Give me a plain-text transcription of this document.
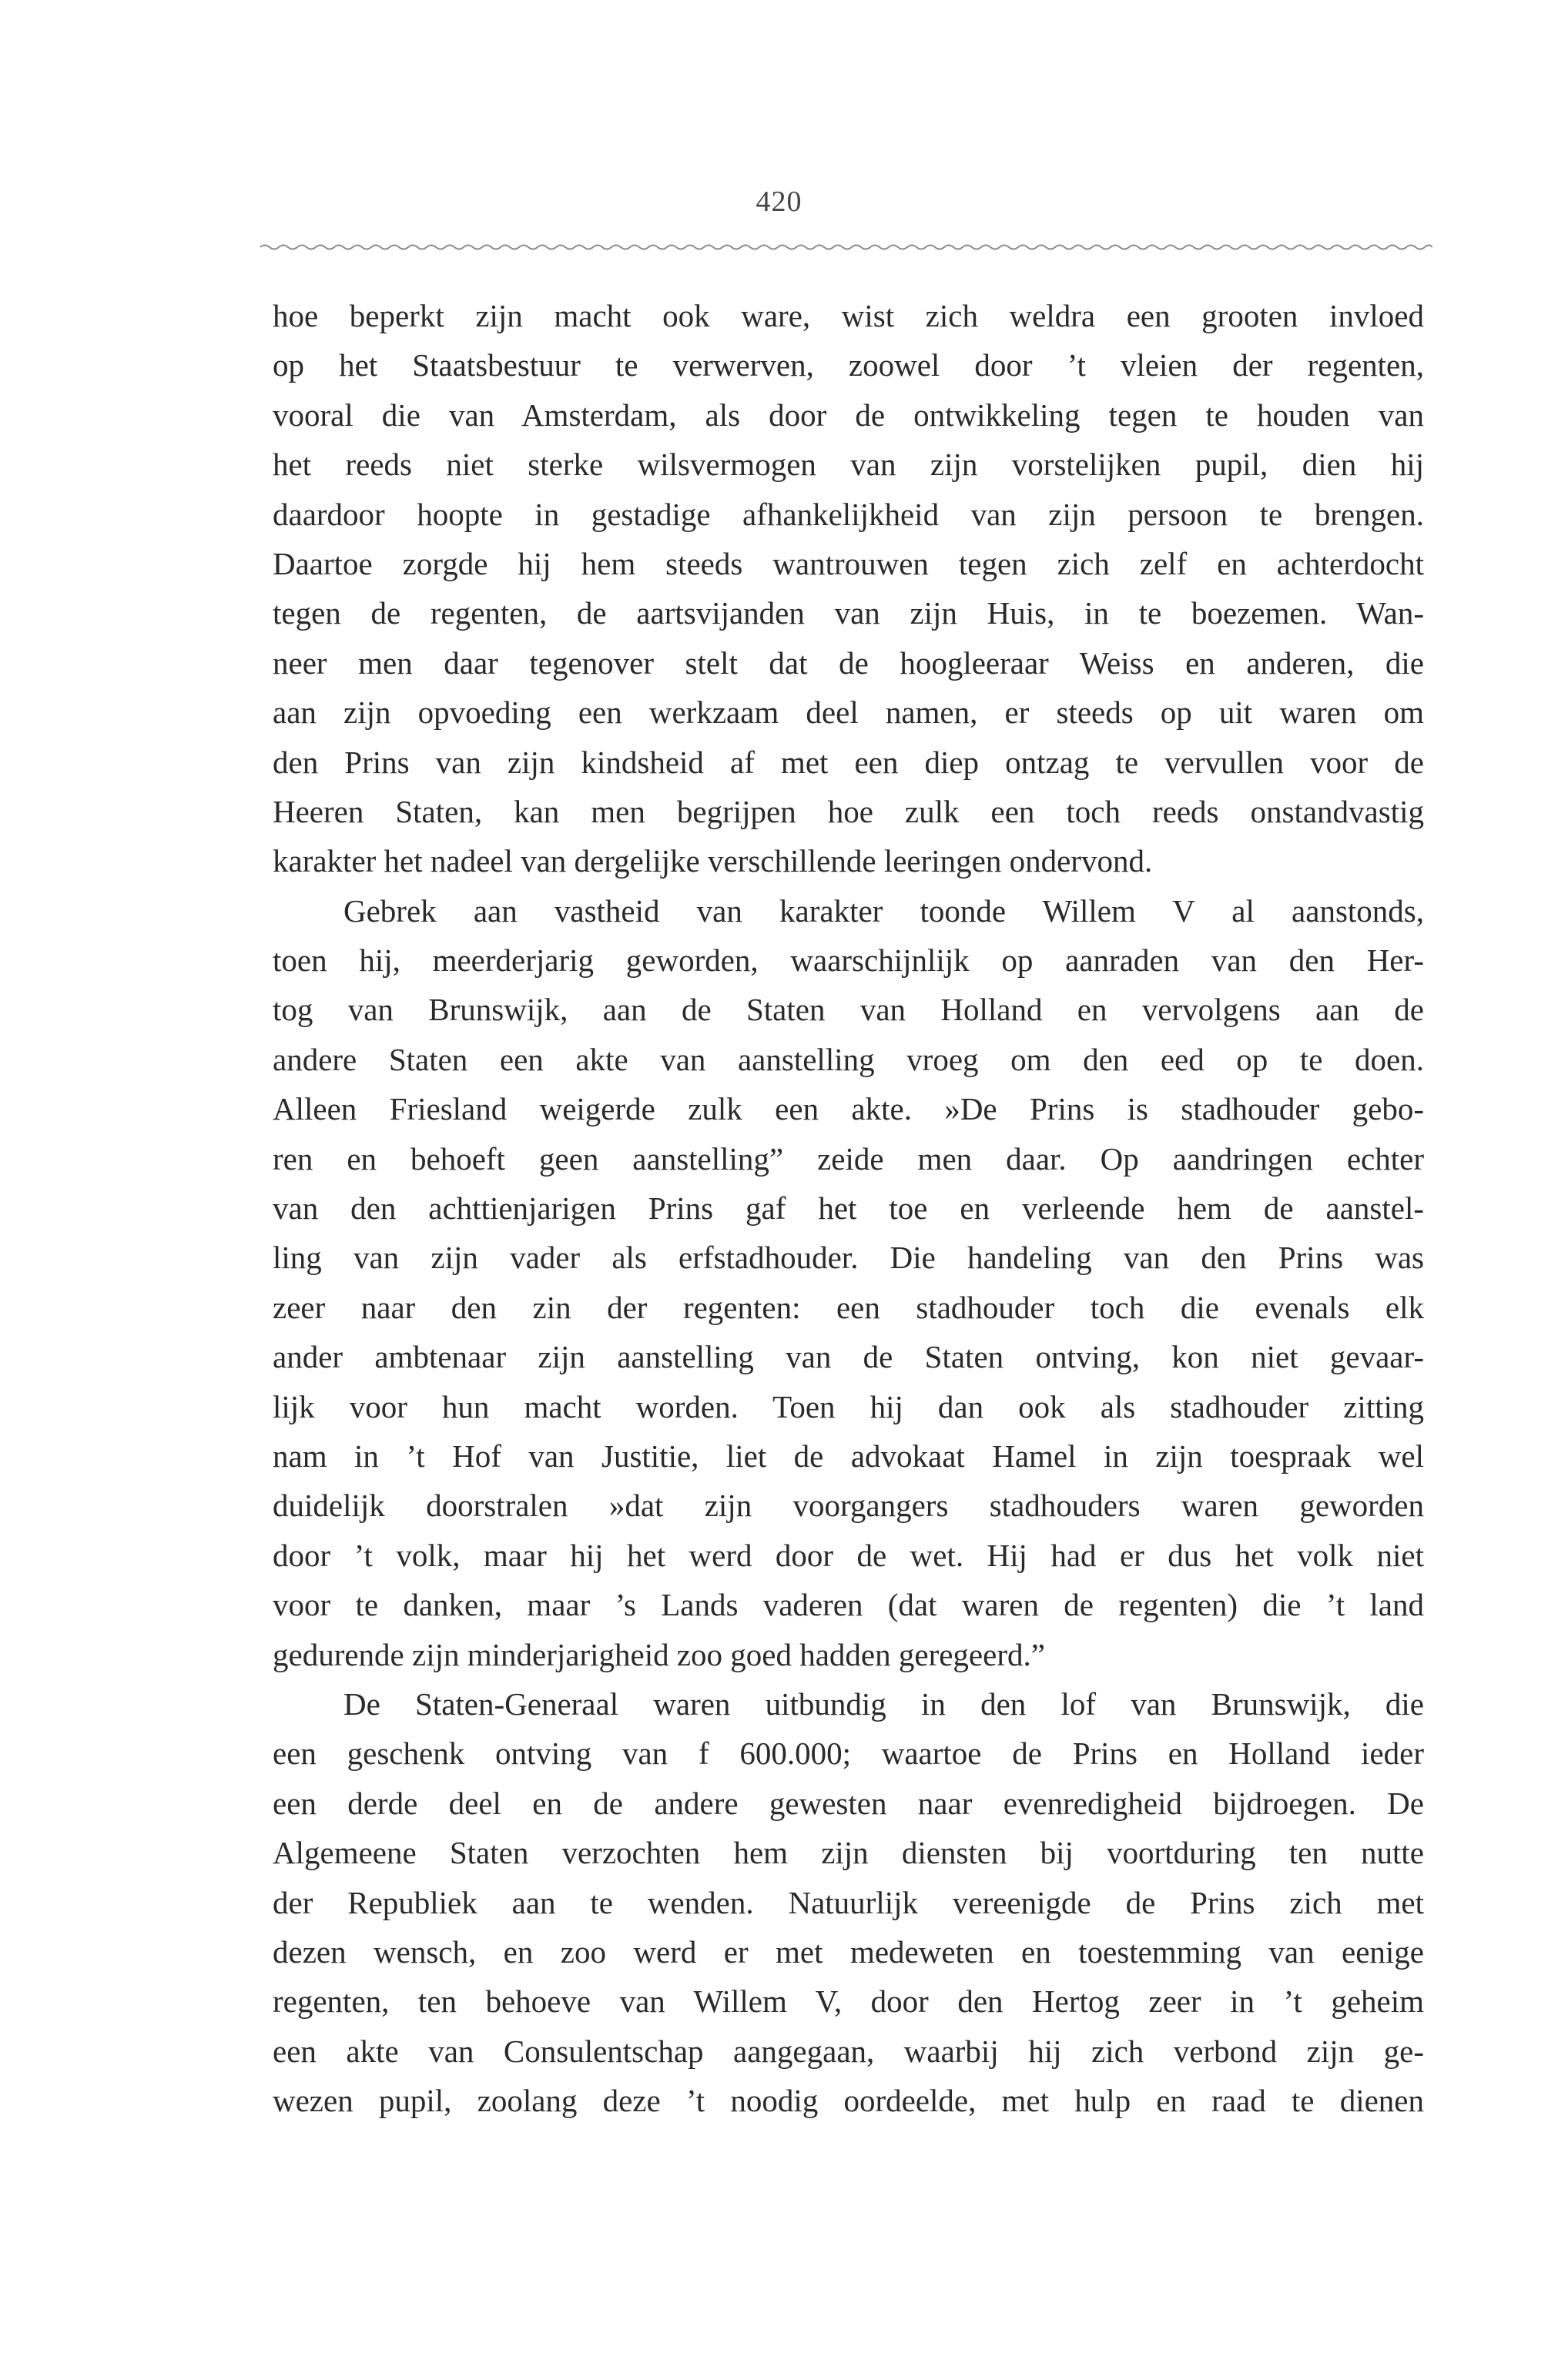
420
hoe beperkt zijn macht ook ware, wist zich weldra een grooten invloed
op het Staatsbestuur te verwerven, zoowel door ’t vleien der regenten,
vooral die van Amsterdam, als door de ontwikkeling tegen te houden van
het reeds niet sterke wilsvermogen van zijn vorstelijken pupil, dien hij
daardoor hoopte in gestadige afhankelijkheid van zijn persoon te brengen.
Daartoe zorgde hij hem steeds wantrouwen tegen zich zelf en achterdocht
tegen de regenten, de aartsvijanden van zijn Huis, in te boezemen. Wan-
neer men daar tegenover stelt dat de hoogleeraar Weiss en anderen, die
aan zijn opvoeding een werkzaam deel namen, er steeds op uit waren om
den Prins van zijn kindsheid af met een diep ontzag te vervullen voor de
Heeren Staten, kan men begrijpen hoe zulk een toch reeds onstandvastig
karakter het nadeel van dergelijke verschillende leeringen ondervond.
Gebrek aan vastheid van karakter toonde Willem V al aanstonds,
toen hij, meerderjarig geworden, waarschijnlijk op aanraden van den Her-
tog van Brunswijk, aan de Staten van Holland en vervolgens aan de
andere Staten een akte van aanstelling vroeg om den eed op te doen.
Alleen Friesland weigerde zulk een akte. »De Prins is stadhouder gebo-
ren en behoeft geen aanstelling” zeide men daar. Op aandringen echter
van den achttienjarigen Prins gaf het toe en verleende hem de aanstel-
ling van zijn vader als erfstadhouder. Die handeling van den Prins was
zeer naar den zin der regenten: een stadhouder toch die evenals elk
ander ambtenaar zijn aanstelling van de Staten ontving, kon niet gevaar-
lijk voor hun macht worden. Toen hij dan ook als stadhouder zitting
nam in ’t Hof van Justitie, liet de advokaat Hamel in zijn toespraak wel
duidelijk doorstralen »dat zijn voorgangers stadhouders waren geworden
door ’t volk, maar hij het werd door de wet. Hij had er dus het volk niet
voor te danken, maar ’s Lands vaderen (dat waren de regenten) die ’t land
gedurende zijn minderjarigheid zoo goed hadden geregeerd.”
De Staten-Generaal waren uitbundig in den lof van Brunswijk, die
een geschenk ontving van f 600.000; waartoe de Prins en Holland ieder
een derde deel en de andere gewesten naar evenredigheid bijdroegen. De
Algemeene Staten verzochten hem zijn diensten bij voortduring ten nutte
der Republiek aan te wenden. Natuurlijk vereenigde de Prins zich met
dezen wensch, en zoo werd er met medeweten en toestemming van eenige
regenten, ten behoeve van Willem V, door den Hertog zeer in ’t geheim
een akte van Consulentschap aangegaan, waarbij hij zich verbond zijn ge-
wezen pupil, zoolang deze ’t noodig oordeelde, met hulp en raad te dienen
